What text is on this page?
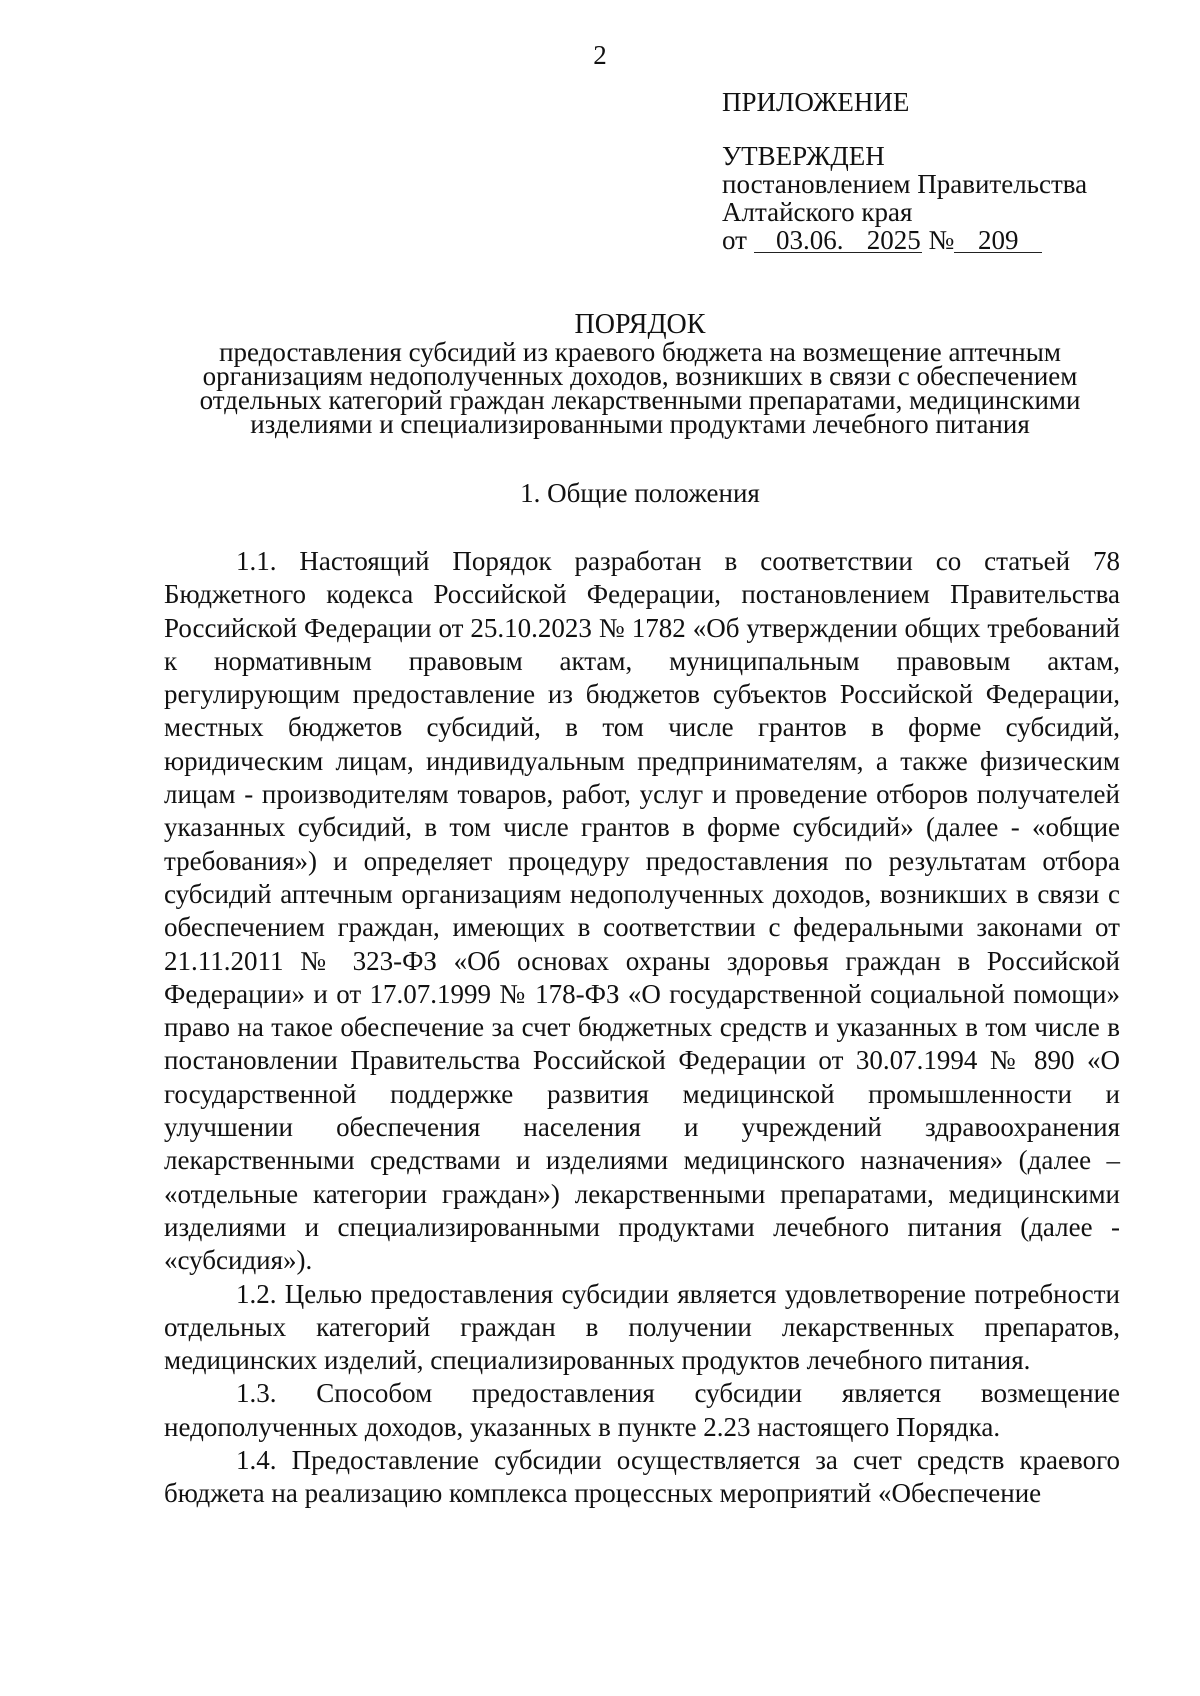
2
ПРИЛОЖЕНИЕ
УТВЕРЖДЕН
постановлением Правительства
Алтайского края
от 03.06. 2025 № 209
ПОРЯДОК
предоставления субсидий из краевого бюджета на возмещение аптечным
организациям недополученных доходов, возникших в связи с обеспечением
отдельных категорий граждан лекарственными препаратами, медицинскими
изделиями и специализированными продуктами лечебного питания
1. Общие положения

1.1. Настоящий Порядок разработан в соответствии со статьей 78 Бюджетного кодекса Российской Федерации, постановлением Правительства Российской Федерации от 25.10.2023 № 1782 «Об утверждении общих требований к нормативным правовым актам, муниципальным правовым актам, регулирующим предоставление из бюджетов субъектов Российской Федерации, местных бюджетов субсидий, в том числе грантов в форме субсидий, юридическим лицам, индивидуальным предпринимателям, а также физическим лицам - производителям товаров, работ, услуг и проведение отборов получателей указанных субсидий, в том числе грантов в форме субсидий» (далее - «общие требования») и определяет процедуру предоставления по результатам отбора субсидий аптечным организациям недополученных доходов, возникших в связи с обеспечением граждан, имеющих в соответствии с федеральными законами от 21.11.2011 № 323-ФЗ «Об основах охраны здоровья граждан в Российской Федерации» и от 17.07.1999 № 178-ФЗ «О государственной социальной помощи» право на такое обеспечение за счет бюджетных средств и указанных в том числе в постановлении Правительства Российской Федерации от 30.07.1994 № 890 «О государственной поддержке развития медицинской промышленности и улучшении обеспечения населения и учреждений здравоохранения лекарственными средствами и изделиями медицинского назначения» (далее – «отдельные категории граждан») лекарственными препаратами, медицинскими изделиями и специализированными продуктами лечебного питания (далее - «субсидия»).

1.2. Целью предоставления субсидии является удовлетворение потребности отдельных категорий граждан в получении лекарственных препаратов, медицинских изделий, специализированных продуктов лечебного питания.

1.3. Способом предоставления субсидии является возмещение недополученных доходов, указанных в пункте 2.23 настоящего Порядка.

1.4. Предоставление субсидии осуществляется за счет средств краевого бюджета на реализацию комплекса процессных мероприятий «Обеспечение
